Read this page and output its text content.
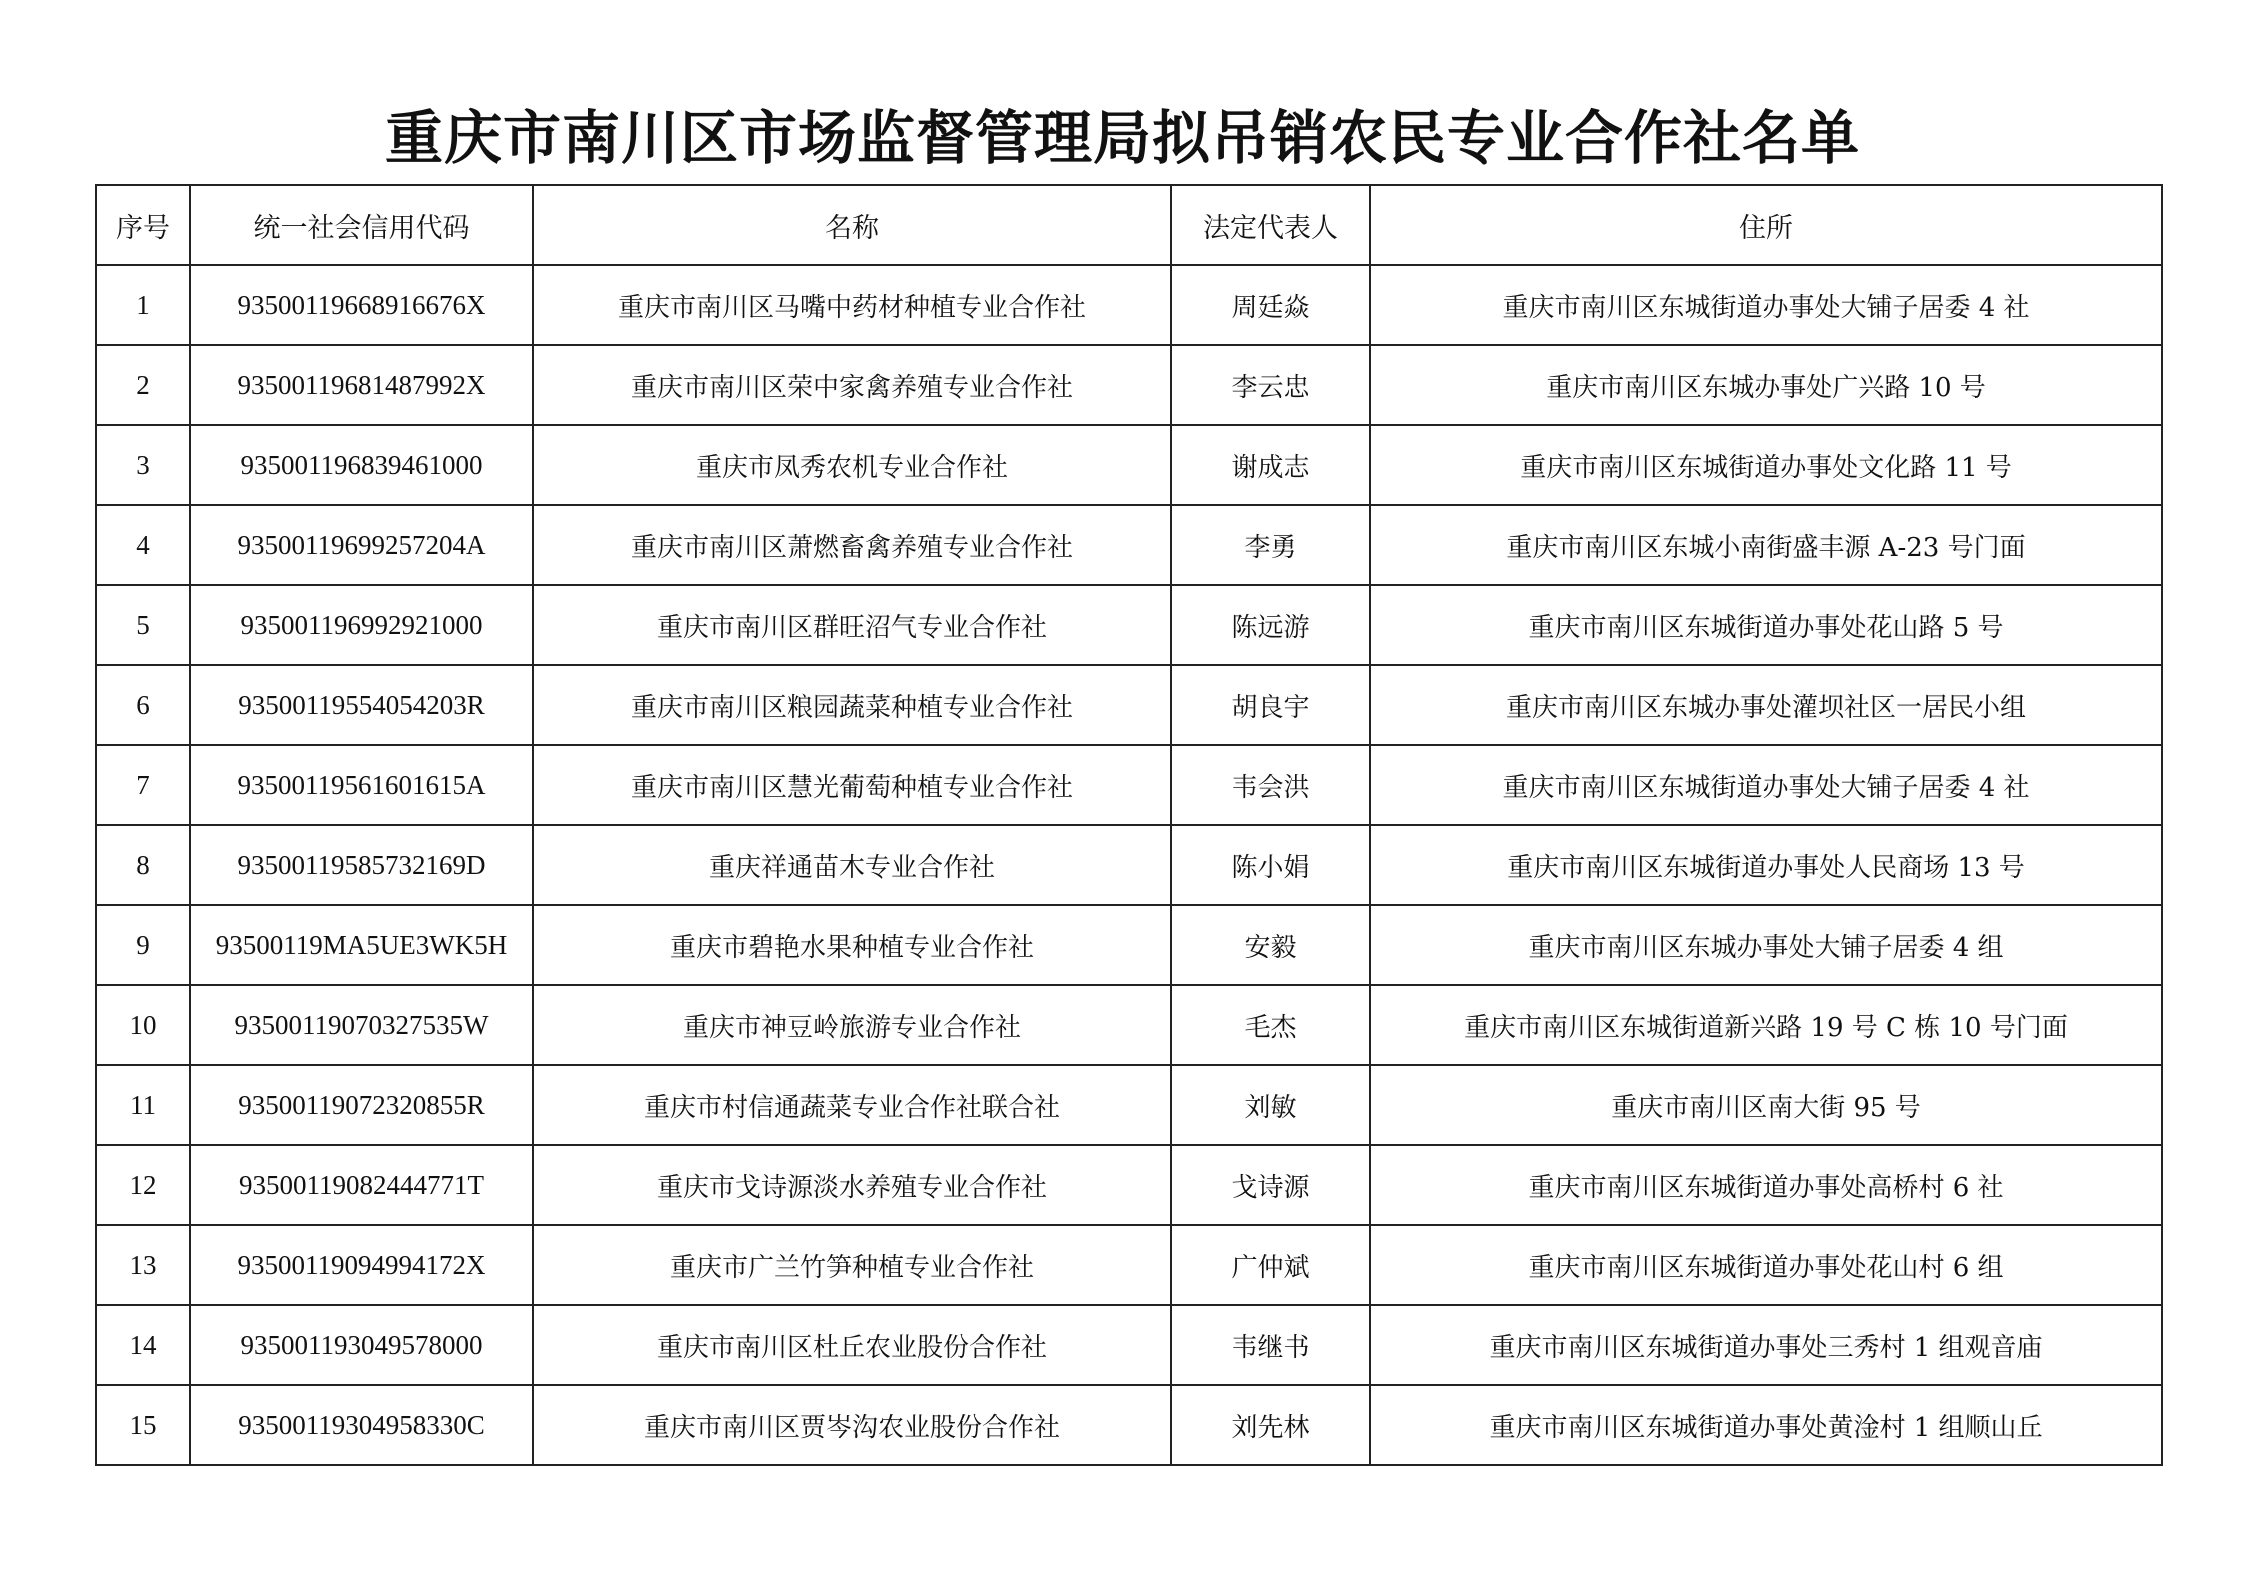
重庆市南川区市场监督管理局拟吊销农民专业合作社名单
序号	统一社会信用代码	名称	法定代表人	住所
1	93500119668916676X	重庆市南川区马嘴中药材种植专业合作社	周廷焱	重庆市南川区东城街道办事处大铺子居委 4 社
2	93500119681487992X	重庆市南川区荣中家禽养殖专业合作社	李云忠	重庆市南川区东城办事处广兴路 10 号
3	935001196839461000	重庆市凤秀农机专业合作社	谢成志	重庆市南川区东城街道办事处文化路 11 号
4	93500119699257204A	重庆市南川区萧燃畜禽养殖专业合作社	李勇	重庆市南川区东城小南街盛丰源 A-23 号门面
5	935001196992921000	重庆市南川区群旺沼气专业合作社	陈远游	重庆市南川区东城街道办事处花山路 5 号
6	93500119554054203R	重庆市南川区粮园蔬菜种植专业合作社	胡良宇	重庆市南川区东城办事处灌坝社区一居民小组
7	93500119561601615A	重庆市南川区慧光葡萄种植专业合作社	韦会洪	重庆市南川区东城街道办事处大铺子居委 4 社
8	93500119585732169D	重庆祥通苗木专业合作社	陈小娟	重庆市南川区东城街道办事处人民商场 13 号
9	93500119MA5UE3WK5H	重庆市碧艳水果种植专业合作社	安毅	重庆市南川区东城办事处大铺子居委 4 组
10	93500119070327535W	重庆市神豆岭旅游专业合作社	毛杰	重庆市南川区东城街道新兴路 19 号 C 栋 10 号门面
11	93500119072320855R	重庆市村信通蔬菜专业合作社联合社	刘敏	重庆市南川区南大街 95 号
12	93500119082444771T	重庆市戈诗源淡水养殖专业合作社	戈诗源	重庆市南川区东城街道办事处高桥村 6 社
13	93500119094994172X	重庆市广兰竹笋种植专业合作社	广仲斌	重庆市南川区东城街道办事处花山村 6 组
14	935001193049578000	重庆市南川区杜丘农业股份合作社	韦继书	重庆市南川区东城街道办事处三秀村 1 组观音庙
15	93500119304958330C	重庆市南川区贾岑沟农业股份合作社	刘先林	重庆市南川区东城街道办事处黄淦村 1 组顺山丘
